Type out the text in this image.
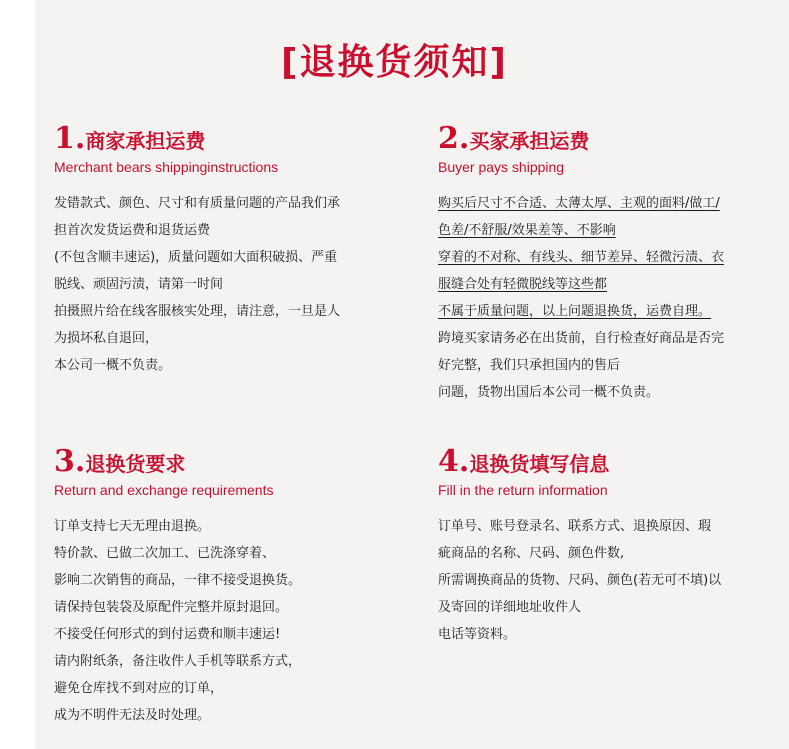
[退换货须知]
1.商家承担运费
Merchant bears shippinginstructions
发错款式、颜色、尺寸和有质量问题的产品我们承
担首次发货运费和退货运费
(不包含顺丰速运)，质量问题如大面积破损、严重
脱线、顽固污渍，请第一时间
拍摄照片给在线客服核实处理，请注意，一旦是人
为损坏私自退回，
本公司一概不负责。
2.买家承担运费
Buyer pays shipping
购买后尺寸不合适、太薄太厚、主观的面料/做工/
色差/不舒服/效果差等、不影响
穿着的不对称、有线头、细节差异、轻微污渍、衣
服缝合处有轻微脱线等这些都
不属于质量问题，以上问题退换货，运费自理。
跨境买家请务必在出货前，自行检查好商品是否完
好完整，我们只承担国内的售后
问题，货物出国后本公司一概不负责。
3.退换货要求
Return and exchange requirements
订单支持七天无理由退换。
特价款、已做二次加工、已洗涤穿着、
影响二次销售的商品，一律不接受退换货。
请保持包装袋及原配件完整并原封退回。
不接受任何形式的到付运费和顺丰速运!
请内附纸条，备注收件人手机等联系方式，
避免仓库找不到对应的订单，
成为不明件无法及时处理。
4.退换货填写信息
Fill in the return information
订单号、账号登录名、联系方式、退换原因、瑕
疵商品的名称、尺码、颜色件数,
所需调换商品的货物、尺码、颜色(若无可不填)以
及寄回的详细地址收件人
电话等资料。
